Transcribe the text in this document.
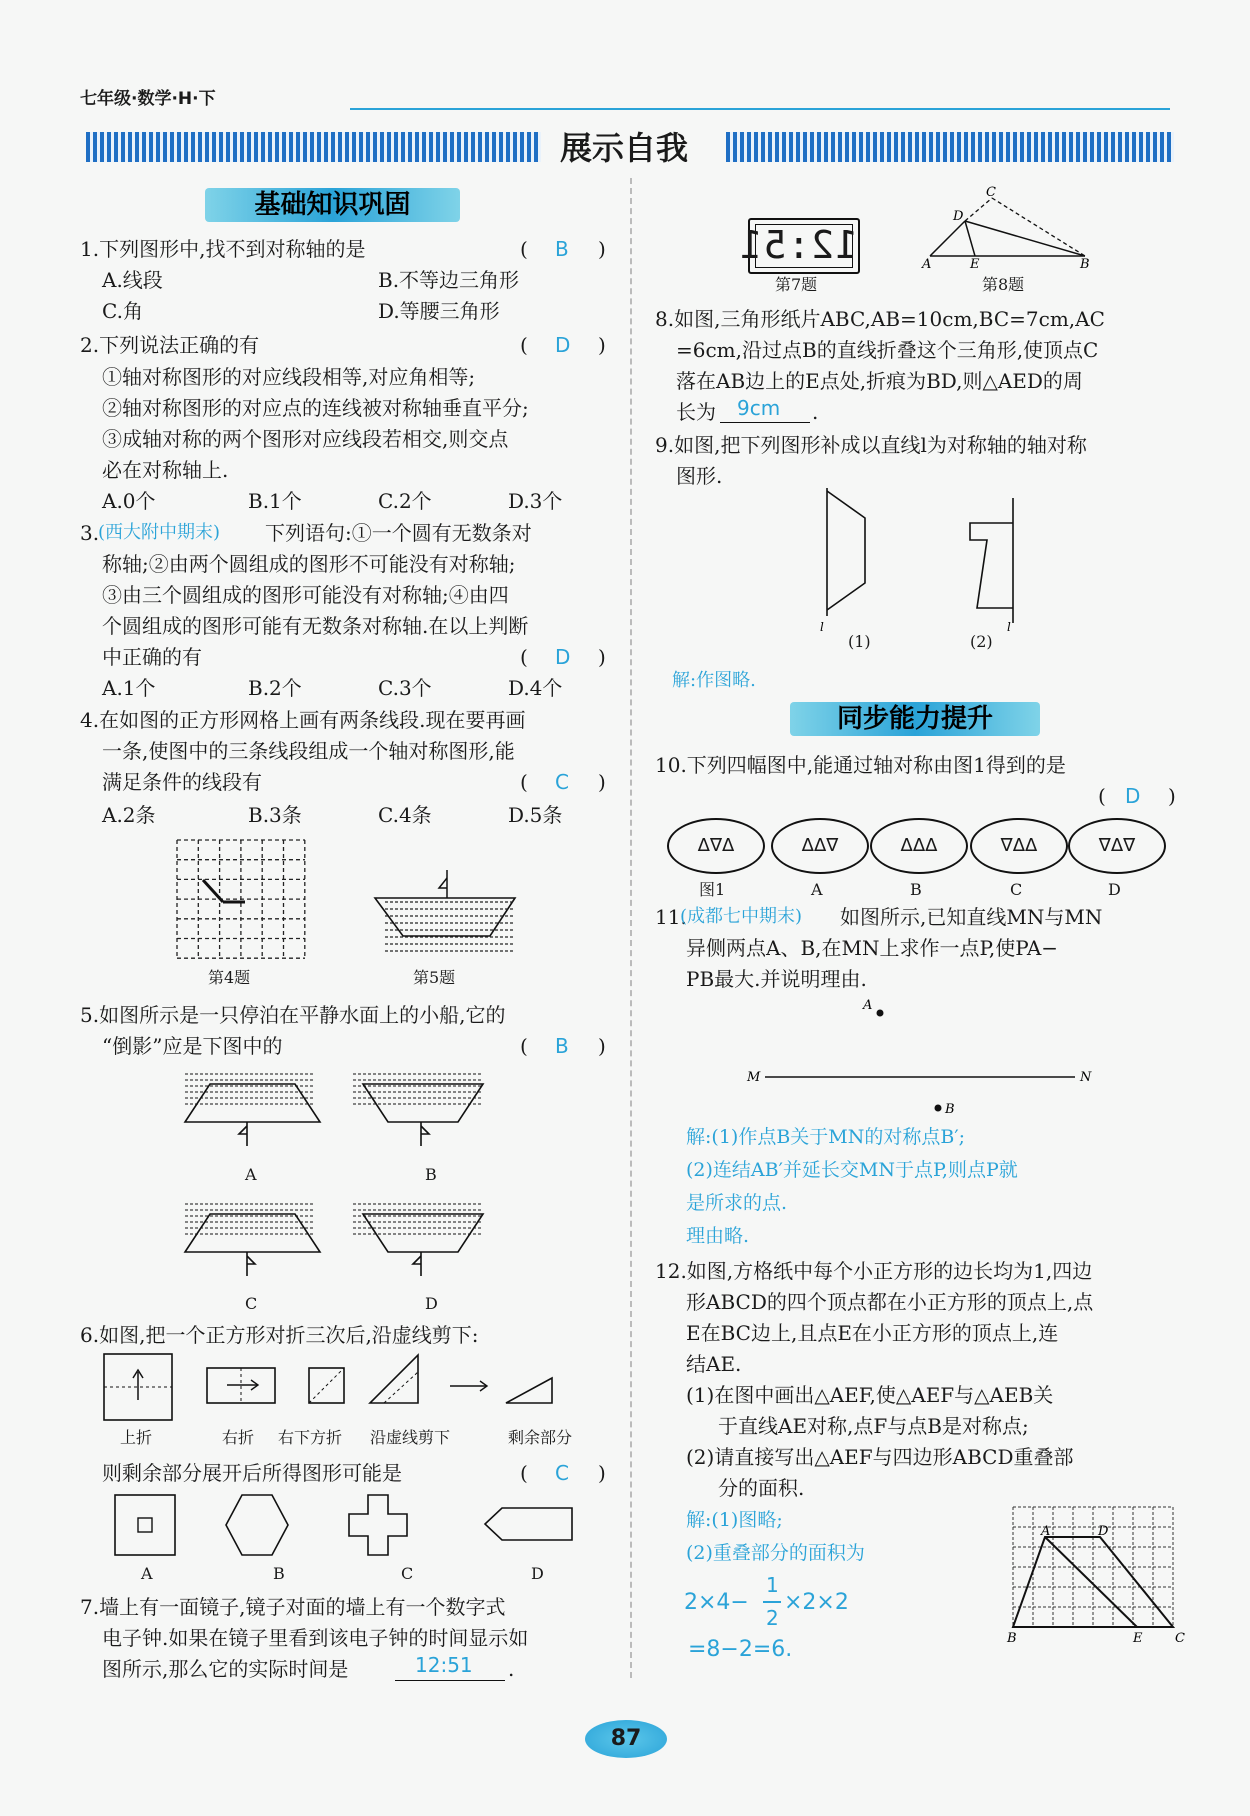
七年级·数学·H·下
展示自我
基础知识巩固
1.下列图形中,找不到对称轴的是	B
(	)
A.线段	B.不等边三角形
C.角	D.等腰三角形
2.下列说法正确的有	( D )
①轴对称图形的对应线段相等,对应角相等;
②轴对称图形的对应点的连线被对称轴垂直平分;
③成轴对称的两个图形对应线段若相交,则交点
必在对称轴上.
A.0个	B.1个	C.2个	D.3个
3.
(西大附中期末) 下列语句:①一个圆有无数条对
称轴;②由两个圆组成的图形不可能没有对称轴;
③由三个圆组成的图形可能没有对称轴;④由四
个圆组成的图形可能有无数条对称轴.在以上判断
中正确的有	( D )
A.1个	B.2个	C.3个	D.4个
4.在如图的正方形网格上画有两条线段.现在要再画
一条,使图中的三条线段组成一个轴对称图形,能
满足条件的线段有	( C )
A.2条	B.3条	C.4条	D.5条
第4题	第5题
5.如图所示是一只停泊在平静水面上的小船,它的
“倒影”应是下图中的	( B )
A	B
C	D
6.如图,把一个正方形对折三次后,沿虚线剪下:
上折	右折 右下方折 沿虚线剪下	剩余部分
则剩余部分展开后所得图形可能是	( C )
A	B	C	D
7.墙上有一面镜子,镜子对面的墙上有一个数字式
电子钟.如果在镜子里看到该电子钟的时间显示如
图所示,那么它的实际时间是	12:51 .
12:51
第7题
A	B
C
D
E
第8题
8.如图,三角形纸片ABC,AB=10cm,BC=7cm,AC
=6cm,沿过点B的直线折叠这个三角形,使顶点C
落在AB边上的E点处,折痕为BD,则△AED的周
长为 9cm .
9.如图,把下列图形补成以直线l为对称轴的轴对称
图形.
l	l
(1)	(2)
解:作图略.
同步能力提升
10.下列四幅图中,能通过轴对称由图1得到的是
( D )
Δ∇Δ
图1
ΔΔ∇
A
ΔΔΔ
B
∇ΔΔ
C
∇Δ∇
D
11.
(成都七中期末) 如图所示,已知直线MN与MN
异侧两点A、B,在MN上求作一点P,使PA−
PB最大.并说明理由.
A
M	N
B
解:(1)作点B关于MN的对称点B′;
(2)连结AB′并延长交MN于点P,则点P就
是所求的点.
理由略.
12.如图,方格纸中每个小正方形的边长均为1,四边
形ABCD的四个顶点都在小正方形的顶点上,点
E在BC边上,且点E在小正方形的顶点上,连
结AE.
(1)在图中画出△AEF,使△AEF与△AEB关
于直线AE对称,点F与点B是对称点;
(2)请直接写出△AEF与四边形ABCD重叠部
分的面积.
解:(1)图略;
(2)重叠部分的面积为
2×4−
1
2
×2×2
=8−2=6.
A
B	C
D
E
87
